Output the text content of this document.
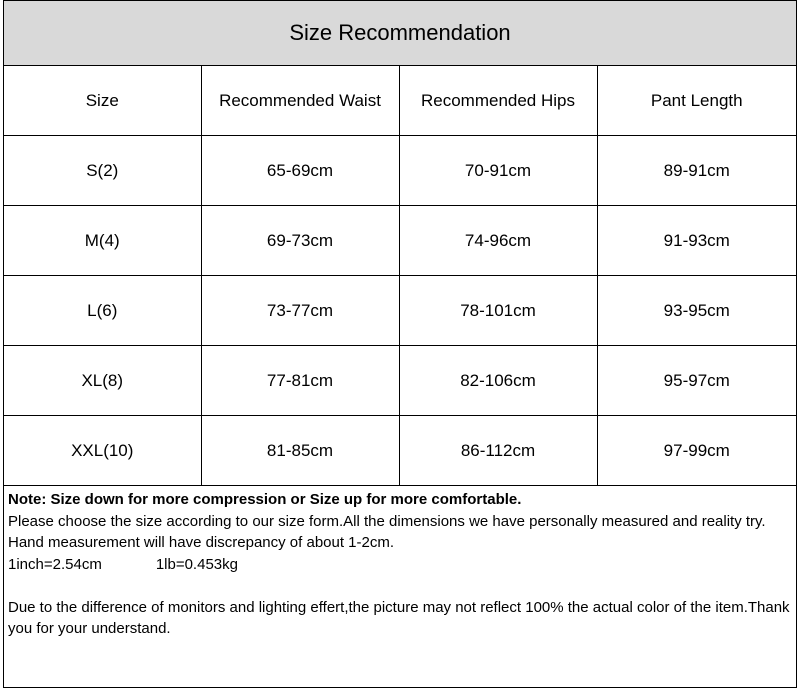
Size Recommendation
Size	Recommended Waist	Recommended Hips	Pant Length
S(2)	65-69cm	70-91cm	89-91cm
M(4)	69-73cm	74-96cm	91-93cm
L(6)	73-77cm	78-101cm	93-95cm
XL(8)	77-81cm	82-106cm	95-97cm
XXL(10)	81-85cm	86-112cm	97-99cm

Note: Size down for more compression or Size up for more comfortable.

Please choose the size according to our size form.All the dimensions we have personally measured and reality try.

Hand measurement will have discrepancy of about 1-2cm.

1inch=2.54cm	1lb=0.453kg

Due to the difference of monitors and lighting effert,the picture may not reflect 100% the actual color of the item.Thank you for your understand.
